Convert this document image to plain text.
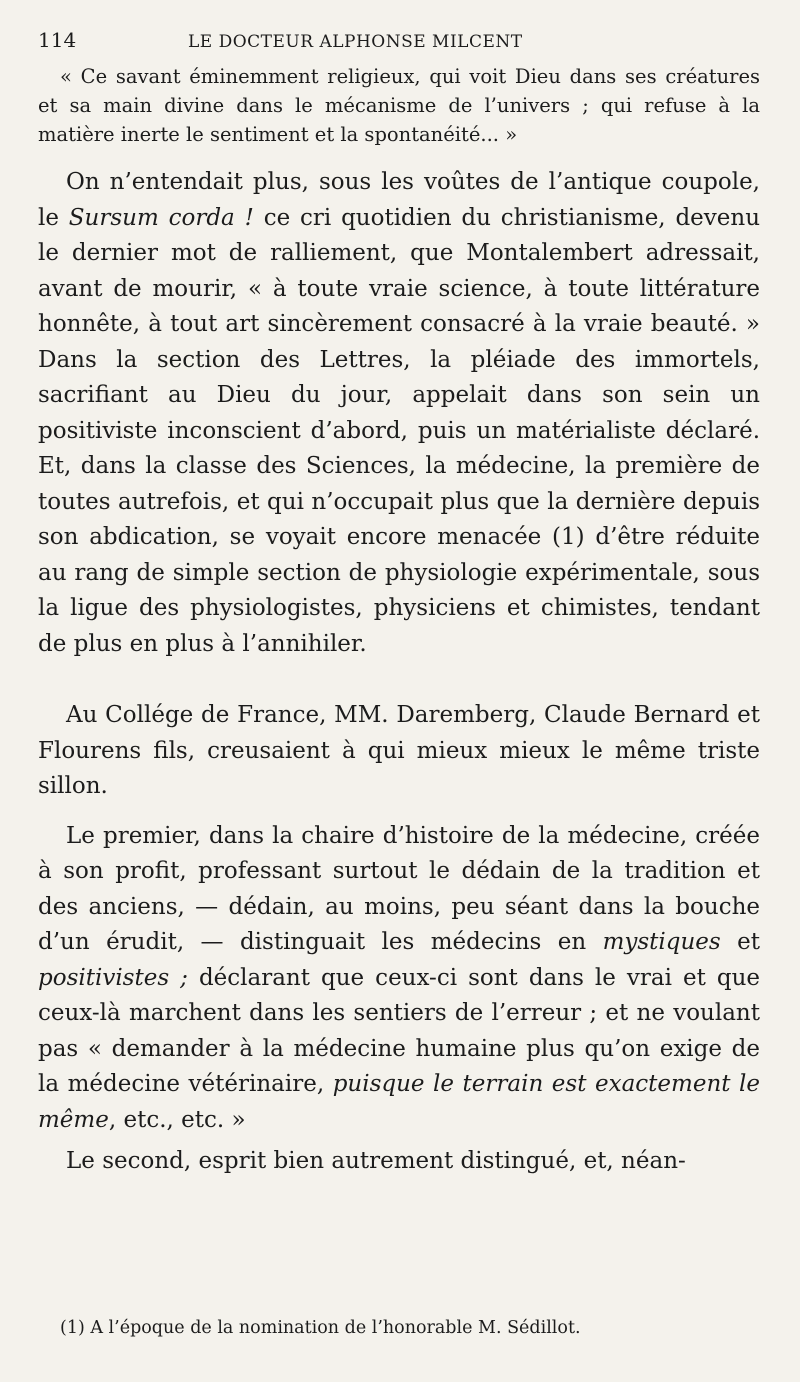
114	LE DOCTEUR ALPHONSE MILCENT

« Ce savant éminemment religieux, qui voit Dieu dans ses créatures et sa main divine dans le mécanisme de l’univers ; qui refuse à la matière inerte le sentiment et la spontanéité... »

On n’entendait plus, sous les voûtes de l’antique coupole, le Sursum corda ! ce cri quotidien du christianisme, devenu le dernier mot de ralliement, que Montalembert adressait, avant de mourir, « à toute vraie science, à toute littérature honnête, à tout art sincèrement consacré à la vraie beauté. » Dans la section des Lettres, la pléiade des immortels, sacrifiant au Dieu du jour, appelait dans son sein un positiviste inconscient d’abord, puis un matérialiste déclaré. Et, dans la classe des Sciences, la médecine, la première de toutes autrefois, et qui n’occupait plus que la dernière depuis son abdication, se voyait encore menacée (1) d’être réduite au rang de simple section de physiologie expérimentale, sous la ligue des physiologistes, physiciens et chimistes, tendant de plus en plus à l’annihiler.

Au Collége de France, MM. Daremberg, Claude Bernard et Flourens fils, creusaient à qui mieux mieux le même triste sillon.

Le premier, dans la chaire d’histoire de la médecine, créée à son profit, professant surtout le dédain de la tradition et des anciens, — dédain, au moins, peu séant dans la bouche d’un érudit, — distinguait les médecins en mystiques et positivistes ; déclarant que ceux-ci sont dans le vrai et que ceux-là marchent dans les sentiers de l’erreur ; et ne voulant pas « demander à la médecine humaine plus qu’on exige de la médecine vétérinaire, puisque le terrain est exactement le même, etc., etc. »

Le second, esprit bien autrement distingué, et, néan-

(1) A l’époque de la nomination de l’honorable M. Sédillot.
